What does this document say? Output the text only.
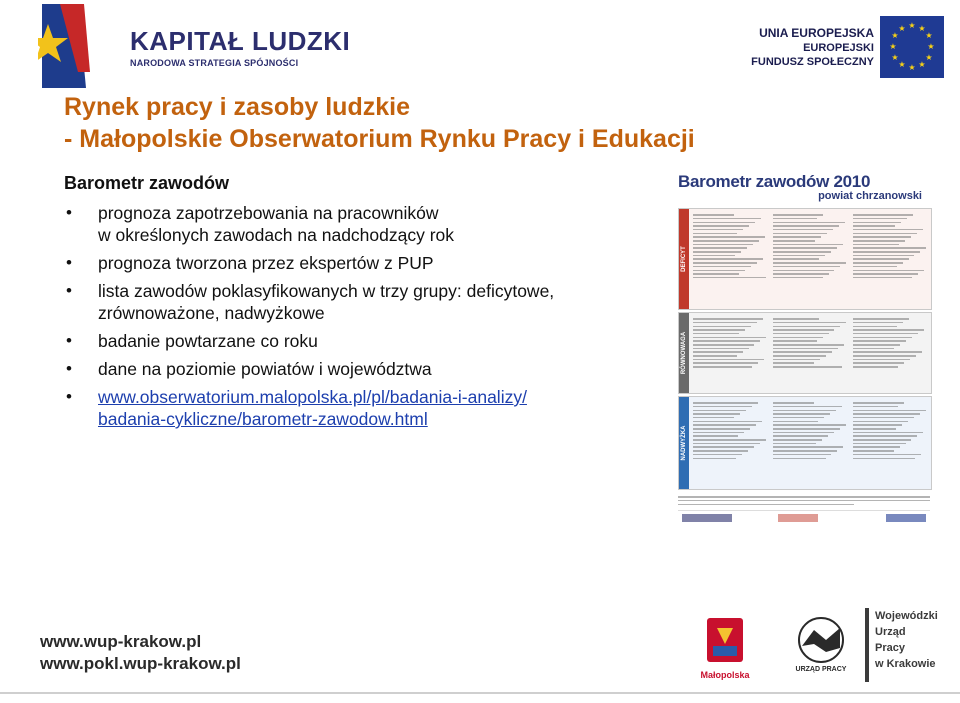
KAPITAŁ LUDZKI
NARODOWA STRATEGIA SPÓJNOŚCI
UNIA EUROPEJSKA
EUROPEJSKI
FUNDUSZ SPOŁECZNY
★ ★
★
★
★
★
★
★
★
★
★
★
Rynek pracy i zasoby ludzkie
- Małopolskie Obserwatorium Rynku Pracy i Edukacji
Barometr zawodów
• prognoza zapotrzebowania na pracowników
w określonych zawodach na nadchodzący rok
• prognoza tworzona przez ekspertów z PUP
• lista zawodów poklasyfikowanych w trzy grupy: deficytowe,
zrównoważone, nadwyżkowe
• badanie powtarzane co roku
• dane na poziomie powiatów i województwa
• www.obserwatorium.malopolska.pl/pl/badania-i-analizy/
badania-cykliczne/barometr-zawodow.html
Barometr zawodów 2010
powiat chrzanowski
DEFICYT
RÓWNOWAGA
NADWYŻKA
www.wup-krakow.pl
www.pokl.wup-krakow.pl
Małopolska
URZĄD PRACY
Wojewódzki
Urząd
Pracy
w Krakowie
